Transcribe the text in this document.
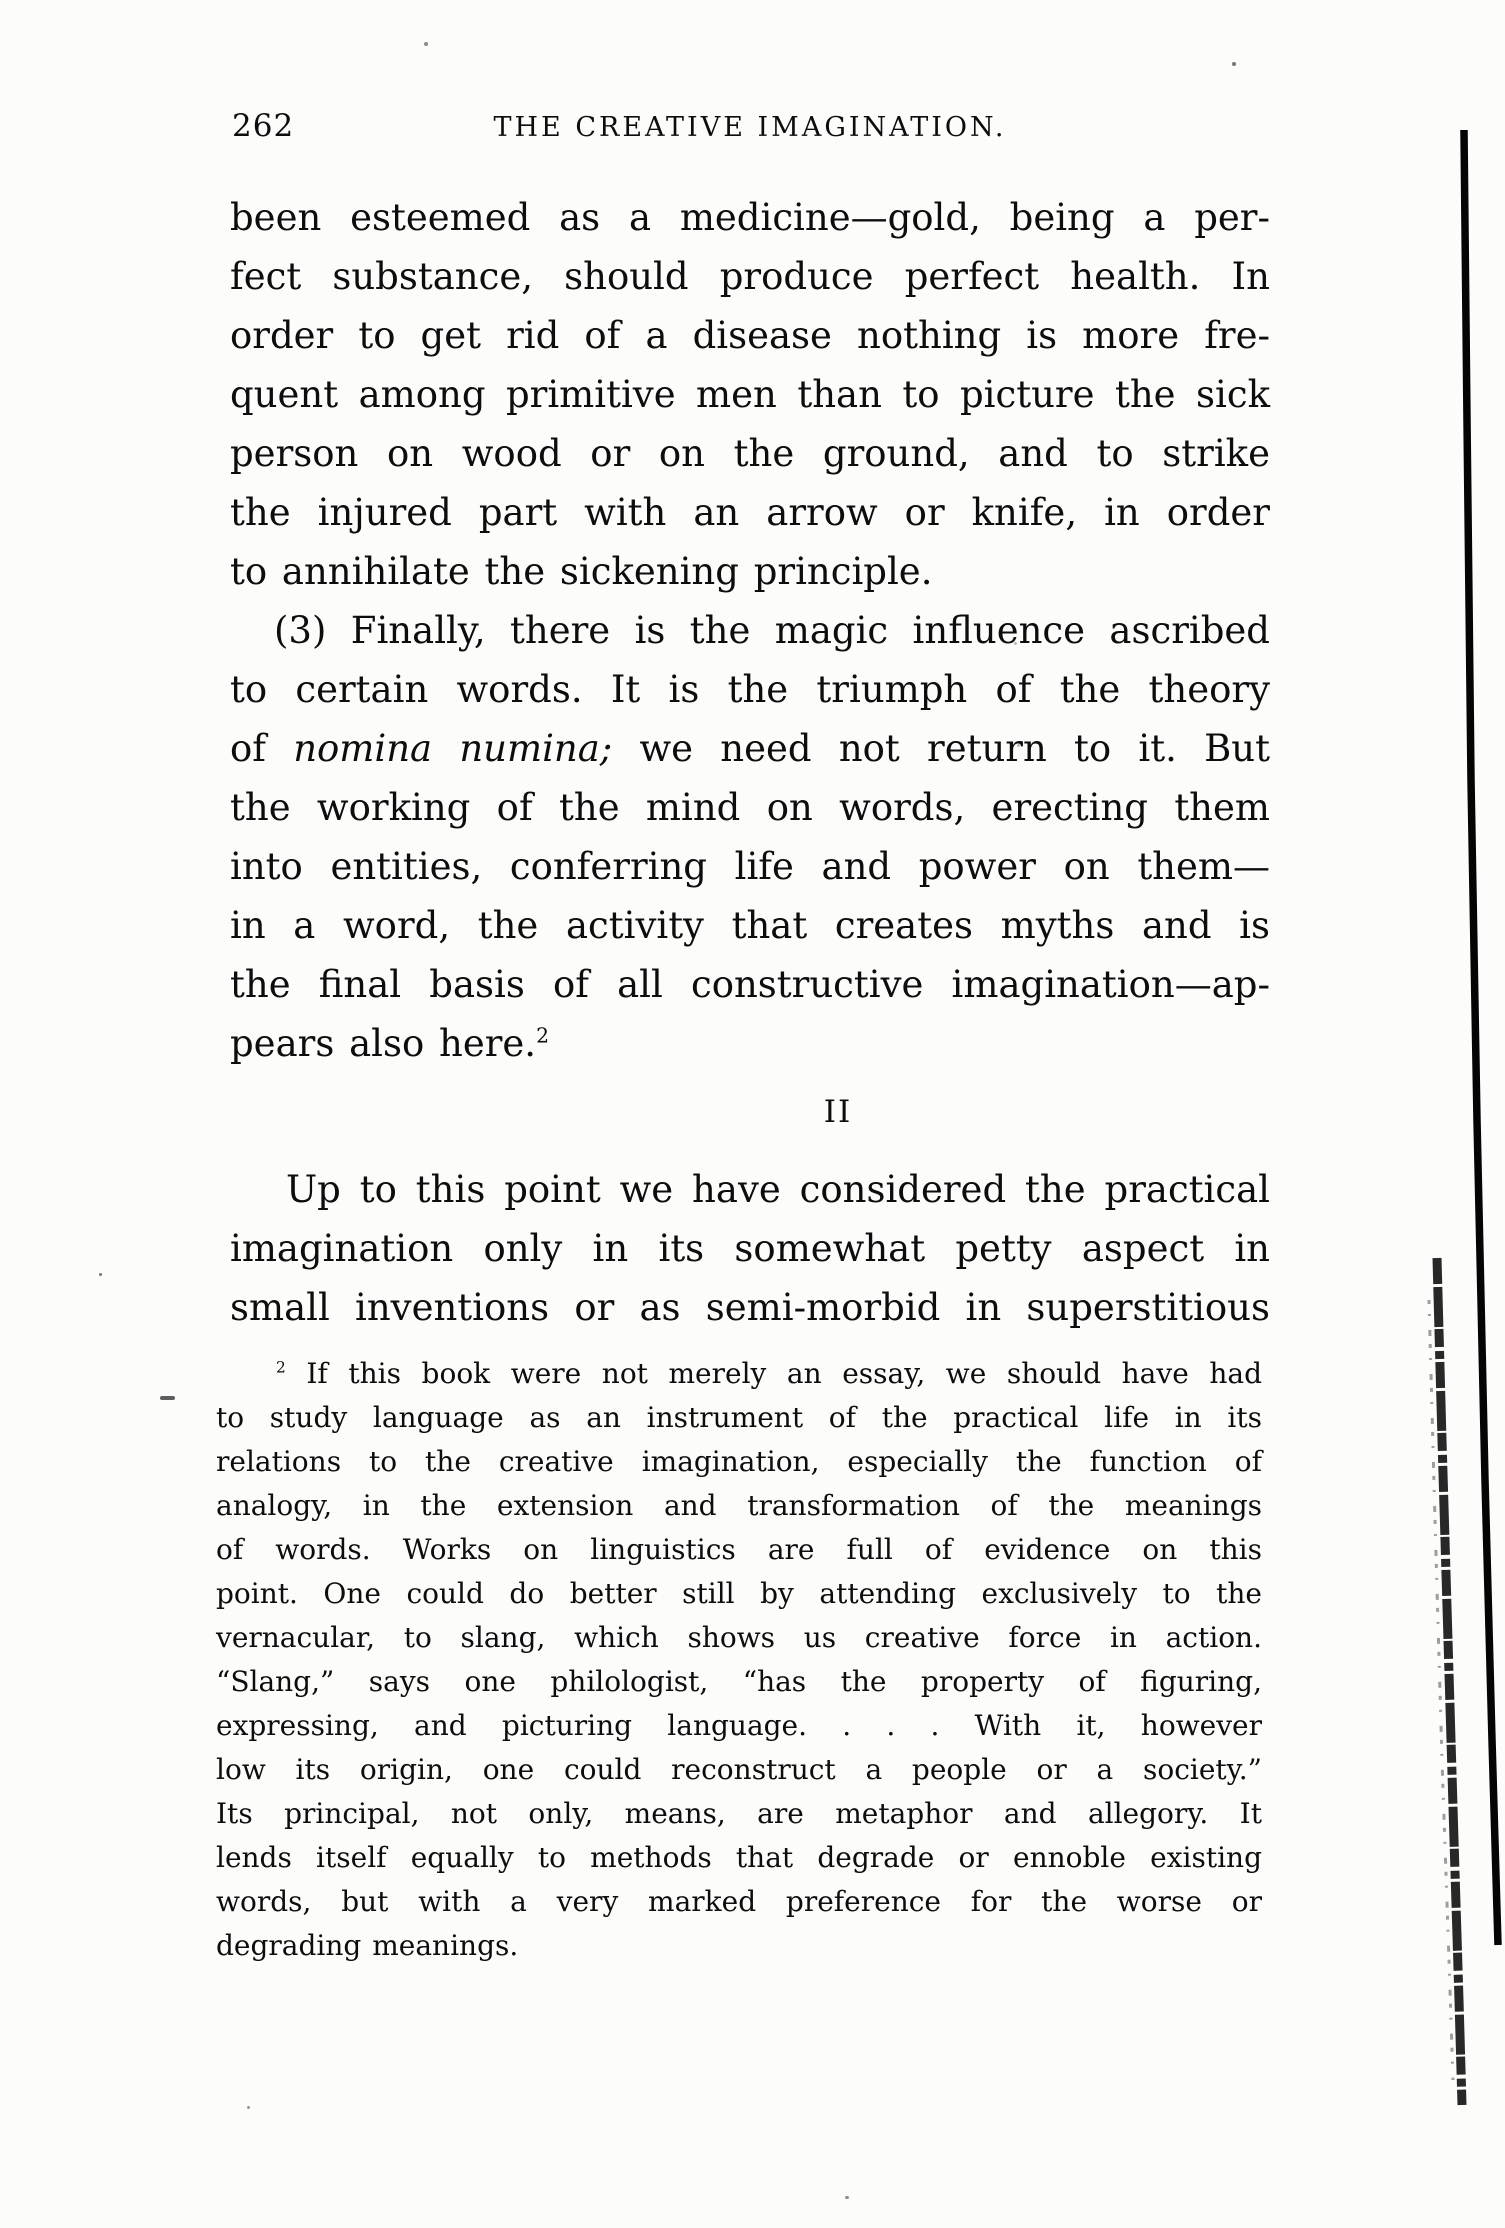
262	THE CREATIVE IMAGINATION.
been esteemed as a medicine—gold, being a per-
fect substance, should produce perfect health. In
order to get rid of a disease nothing is more fre-
quent among primitive men than to picture the sick
person on wood or on the ground, and to strike
the injured part with an arrow or knife, in order
to annihilate the sickening principle.
(3) Finally, there is the magic influence ascribed
to certain words. It is the triumph of the theory
of nomina numina; we need not return to it. But
the working of the mind on words, erecting them
into entities, conferring life and power on them—
in a word, the activity that creates myths and is
the final basis of all constructive imagination—ap-
pears also here.$^2$
II
Up to this point we have considered the practical
imagination only in its somewhat petty aspect in
small inventions or as semi-morbid in superstitious
$^2$ If this book were not merely an essay, we should have had
to study language as an instrument of the practical life in its
relations to the creative imagination, especially the function of
analogy, in the extension and transformation of the meanings
of words. Works on linguistics are full of evidence on this
point. One could do better still by attending exclusively to the
vernacular, to slang, which shows us creative force in action.
“Slang,” says one philologist, “has the property of figuring,
expressing, and picturing language. . . . With it, however
low its origin, one could reconstruct a people or a society.”
Its principal, not only, means, are metaphor and allegory. It
lends itself equally to methods that degrade or ennoble existing
words, but with a very marked preference for the worse or
degrading meanings.
